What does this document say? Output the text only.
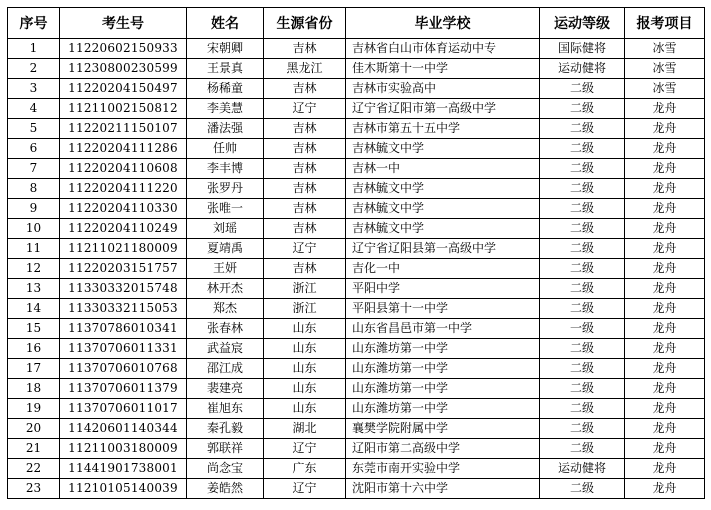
序号	考生号	姓名	生源省份	毕业学校	运动等级	报考项目
1	11220602150933	宋朝卿	吉林	吉林省白山市体育运动中专	国际健将	冰雪
2	11230800230599	王景真	黑龙江	佳木斯第十一中学	运动健将	冰雪
3	11220204150497	杨稀童	吉林	吉林市实验高中	二级	冰雪
4	11211002150812	李美慧	辽宁	辽宁省辽阳市第一高级中学	二级	龙舟
5	11220211150107	潘法强	吉林	吉林市第五十五中学	二级	龙舟
6	11220204111286	任帅	吉林	吉林毓文中学	二级	龙舟
7	11220204110608	李丰博	吉林	吉林一中	二级	龙舟
8	11220204111220	张罗丹	吉林	吉林毓文中学	二级	龙舟
9	11220204110330	张唯一	吉林	吉林毓文中学	二级	龙舟
10	11220204110249	刘瑶	吉林	吉林毓文中学	二级	龙舟
11	11211021180009	夏靖禹	辽宁	辽宁省辽阳县第一高级中学	二级	龙舟
12	11220203151757	王妍	吉林	吉化一中	二级	龙舟
13	11330332015748	林开杰	浙江	平阳中学	二级	龙舟
14	11330332115053	郑杰	浙江	平阳县第十一中学	二级	龙舟
15	11370786010341	张春林	山东	山东省昌邑市第一中学	一级	龙舟
16	11370706011331	武益宸	山东	山东潍坊第一中学	二级	龙舟
17	11370706010768	邵江成	山东	山东潍坊第一中学	二级	龙舟
18	11370706011379	裴建亮	山东	山东潍坊第一中学	二级	龙舟
19	11370706011017	崔旭东	山东	山东潍坊第一中学	二级	龙舟
20	11420601140344	秦孔毅	湖北	襄樊学院附属中学	二级	龙舟
21	11211003180009	郭联祥	辽宁	辽阳市第二高级中学	二级	龙舟
22	11441901738001	尚念宝	广东	东莞市南开实验中学	运动健将	龙舟
23	11210105140039	姜皓然	辽宁	沈阳市第十六中学	二级	龙舟
